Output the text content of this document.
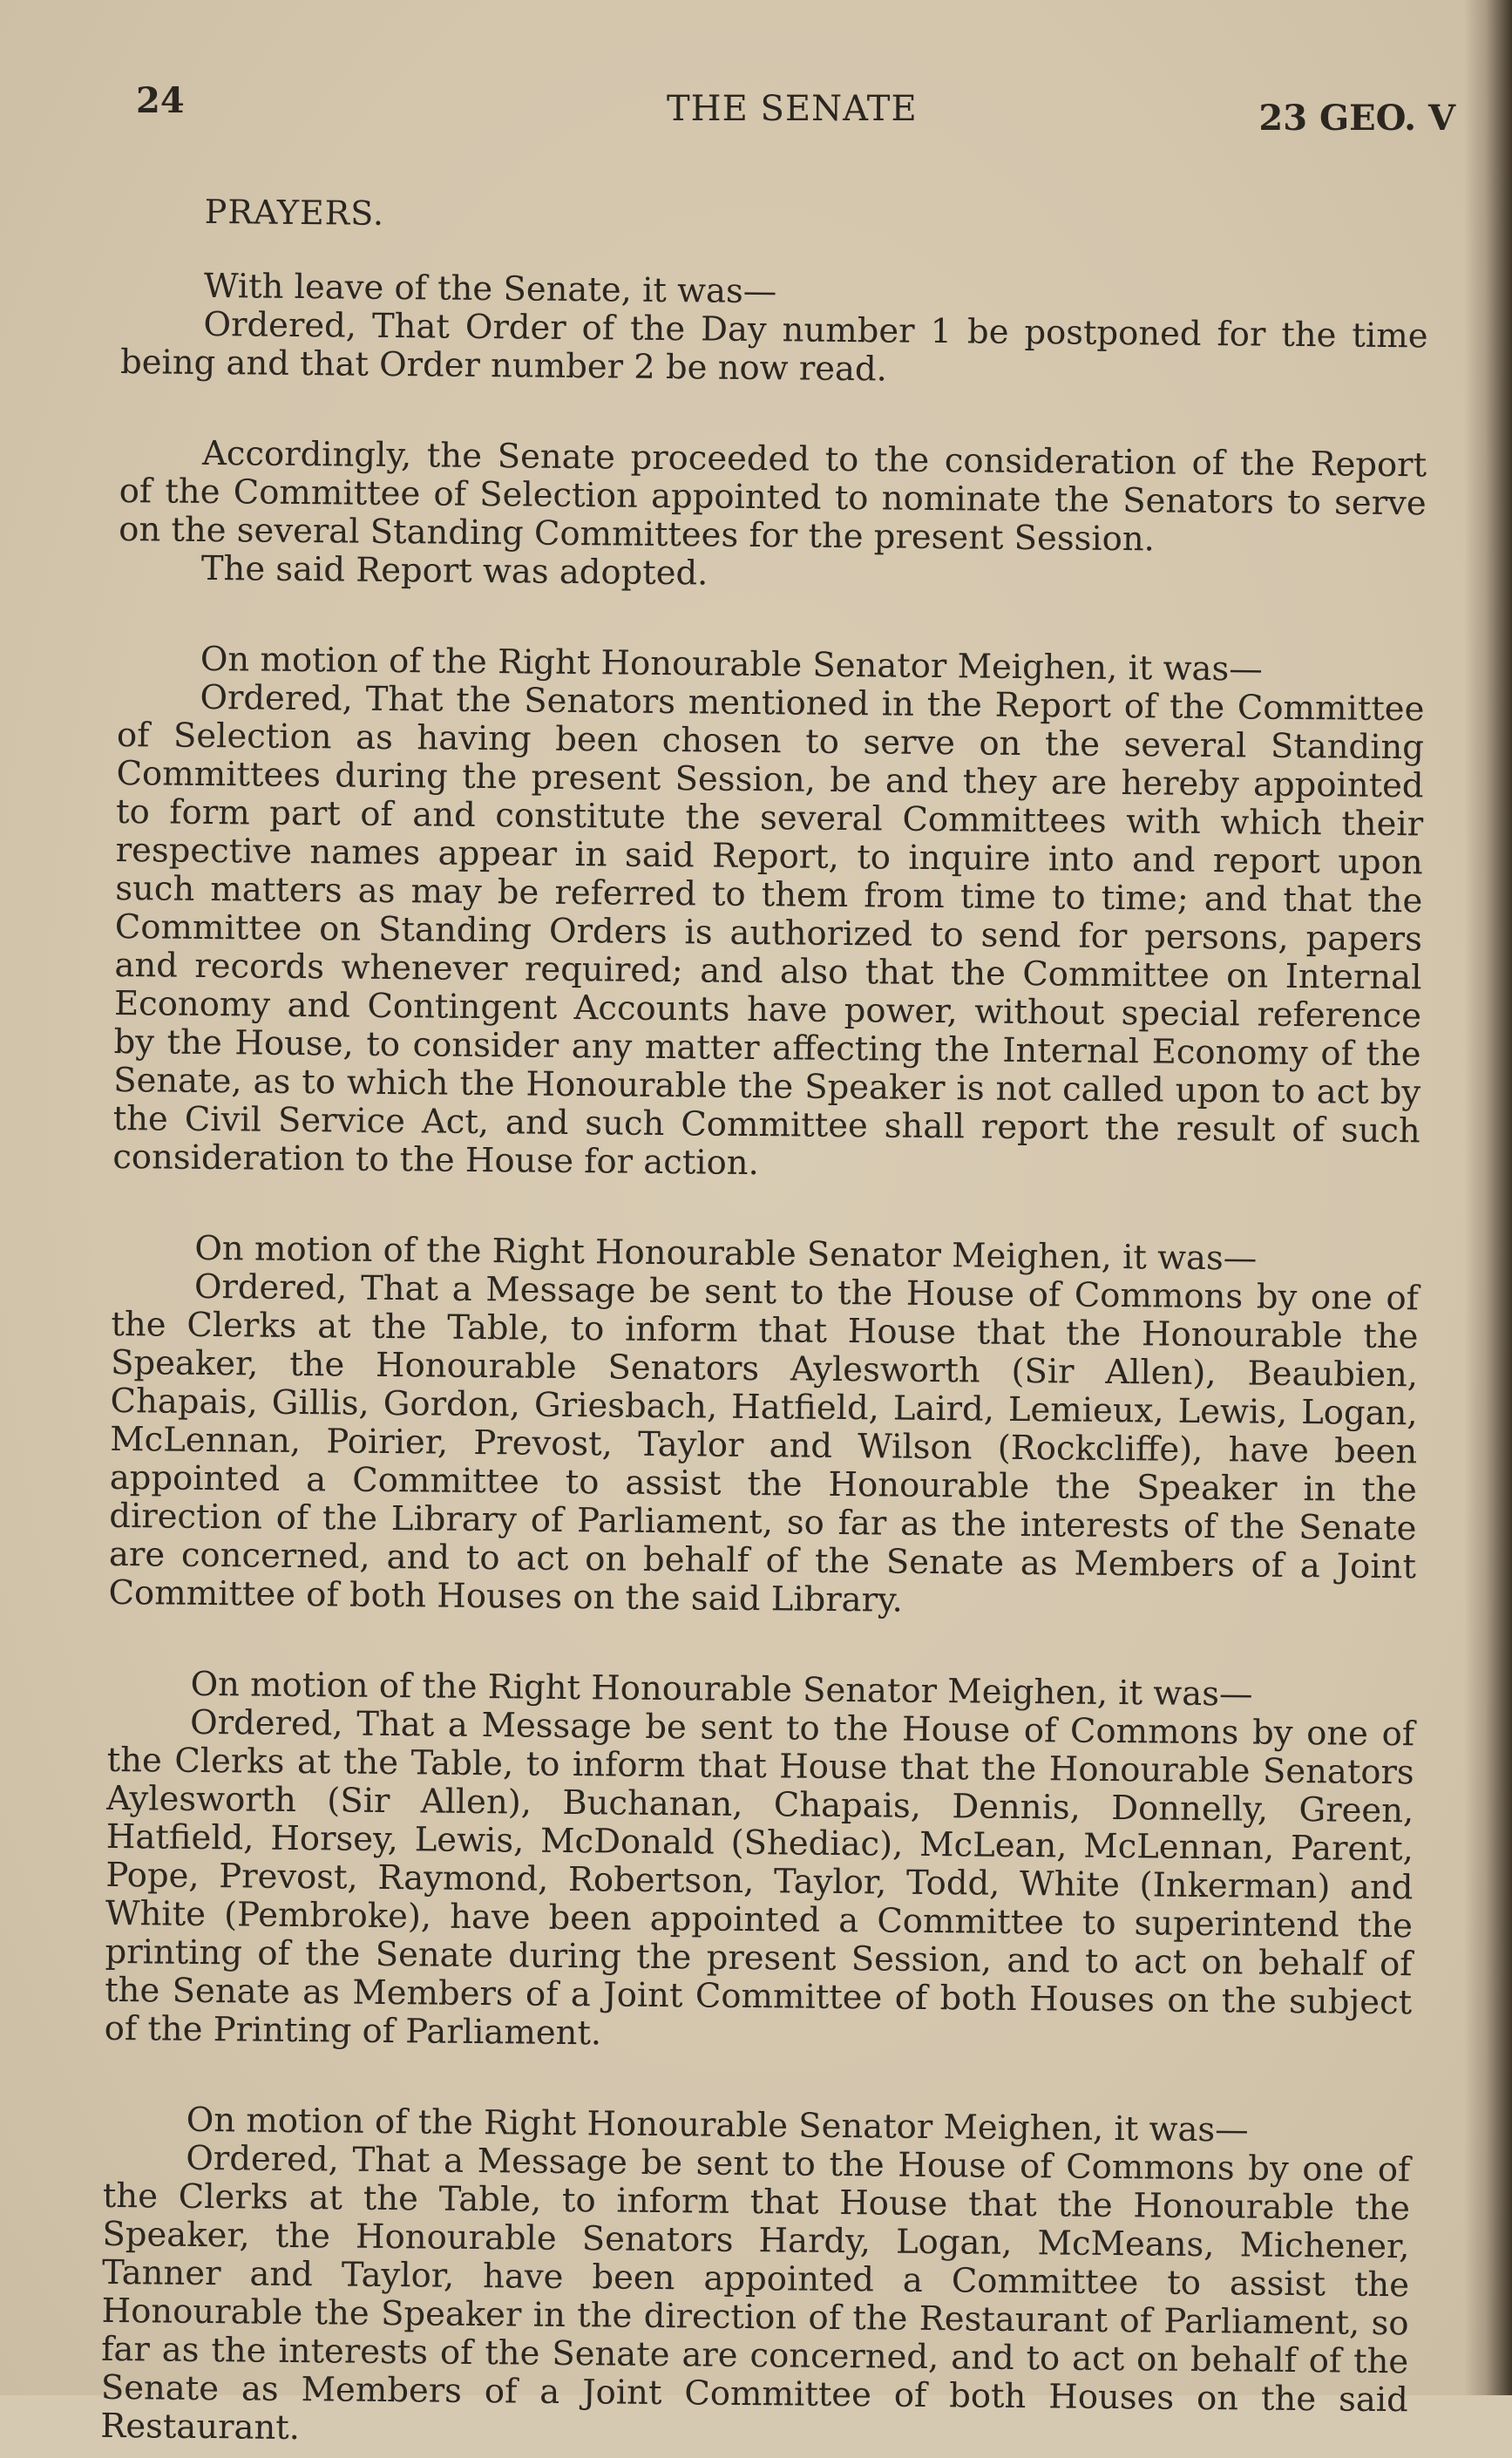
24	THE SENATE	23 GEO. V

PRAYERS.

With leave of the Senate, it was—

Ordered, That Order of the Day number 1 be postponed for the time being and that Order number 2 be now read.

Accordingly, the Senate proceeded to the consideration of the Report of the Committee of Selection appointed to nominate the Senators to serve on the several Standing Committees for the present Session.

The said Report was adopted.

On motion of the Right Honourable Senator Meighen, it was—

Ordered, That the Senators mentioned in the Report of the Committee of Selection as having been chosen to serve on the several Standing Committees during the present Session, be and they are hereby appointed to form part of and constitute the several Committees with which their respective names appear in said Report, to inquire into and report upon such matters as may be referred to them from time to time; and that the Committee on Standing Orders is authorized to send for persons, papers and records whenever required; and also that the Committee on Internal Economy and Contingent Accounts have power, without special reference by the House, to consider any matter affecting the Internal Economy of the Senate, as to which the Honourable the Speaker is not called upon to act by the Civil Service Act, and such Committee shall report the result of such consideration to the House for action.

On motion of the Right Honourable Senator Meighen, it was—

Ordered, That a Message be sent to the House of Commons by one of the Clerks at the Table, to inform that House that the Honourable the Speaker, the Honourable Senators Aylesworth (Sir Allen), Beaubien, Chapais, Gillis, Gordon, Griesbach, Hatfield, Laird, Lemieux, Lewis, Logan, McLennan, Poirier, Prevost, Taylor and Wilson (Rockcliffe), have been appointed a Committee to assist the Honourable the Speaker in the direction of the Library of Parliament, so far as the interests of the Senate are concerned, and to act on behalf of the Senate as Members of a Joint Committee of both Houses on the said Library.

On motion of the Right Honourable Senator Meighen, it was—

Ordered, That a Message be sent to the House of Commons by one of the Clerks at the Table, to inform that House that the Honourable Senators Aylesworth (Sir Allen), Buchanan, Chapais, Dennis, Donnelly, Green, Hatfield, Horsey, Lewis, McDonald (Shediac), McLean, McLennan, Parent, Pope, Prevost, Raymond, Robertson, Taylor, Todd, White (Inkerman) and White (Pembroke), have been appointed a Committee to superintend the printing of the Senate during the present Session, and to act on behalf of the Senate as Members of a Joint Committee of both Houses on the subject of the Printing of Parliament.

On motion of the Right Honourable Senator Meighen, it was—

Ordered, That a Message be sent to the House of Commons by one of the Clerks at the Table, to inform that House that the Honourable the Speaker, the Honourable Senators Hardy, Logan, McMeans, Michener, Tanner and Taylor, have been appointed a Committee to assist the Honourable the Speaker in the direction of the Restaurant of Parliament, so far as the interests of the Senate are concerned, and to act on behalf of the Senate as Members of a Joint Committee of both Houses on the said Restaurant.
